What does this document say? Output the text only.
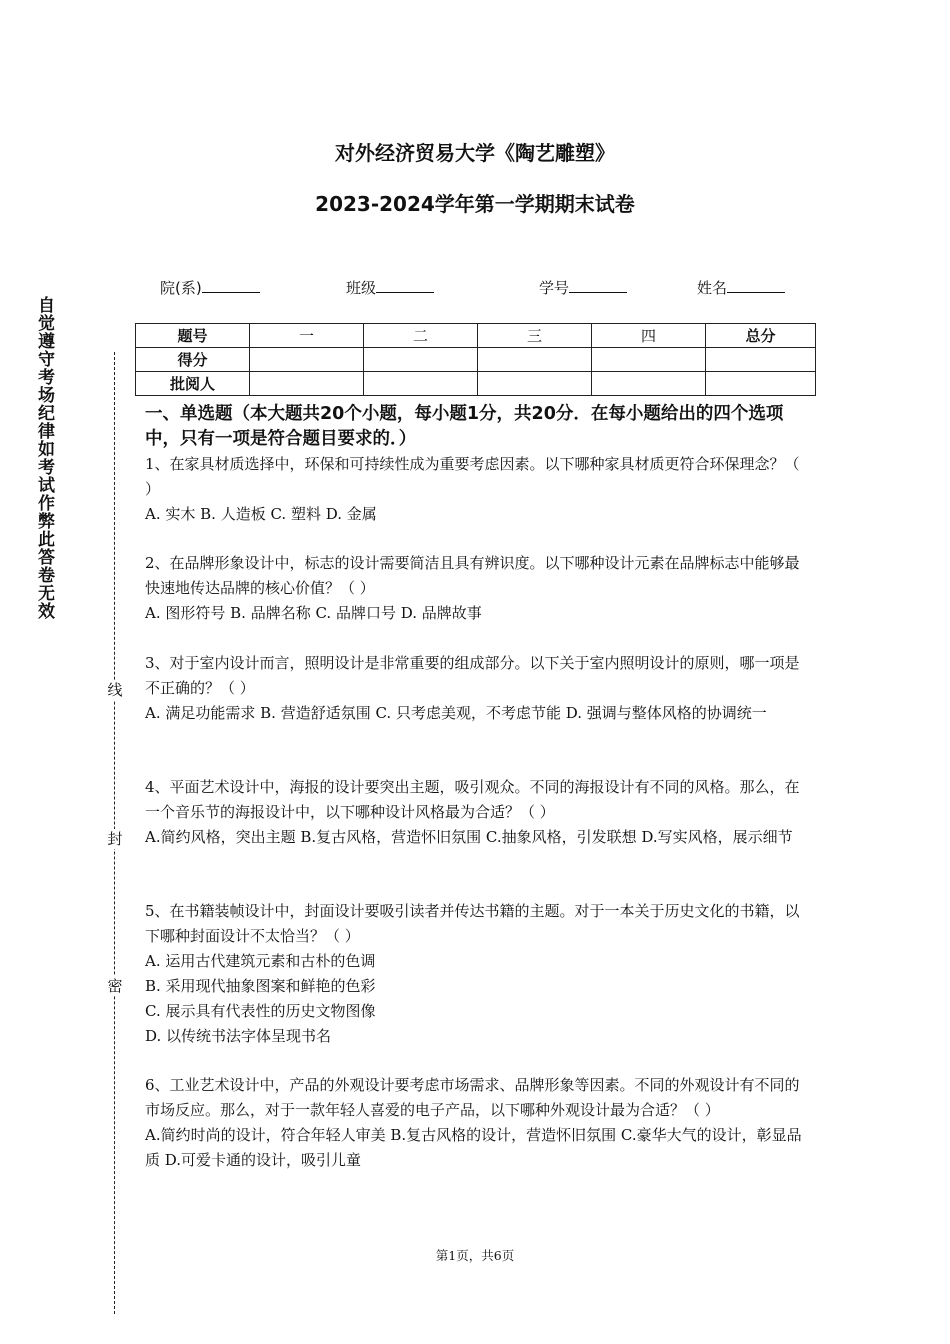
对外经济贸易大学《陶艺雕塑》
2023-2024学年第一学期期末试卷
自觉遵守考场纪律如考试作弊此答卷无效
线
封
密
院(系)	班级	学号	姓名
题号	一	二	三	四	总分
得分					
批阅人					
一、单选题（本大题共20个小题，每小题1分，共20分．在每小题给出的四个选项中，只有一项是符合题目要求的．）

1、在家具材质选择中，环保和可持续性成为重要考虑因素。以下哪种家具材质更符合环保理念？（ ）

A. 实木 B. 人造板 C. 塑料 D. 金属

2、在品牌形象设计中，标志的设计需要简洁且具有辨识度。以下哪种设计元素在品牌标志中能够最快速地传达品牌的核心价值？（ ）

A. 图形符号 B. 品牌名称 C. 品牌口号 D. 品牌故事

3、对于室内设计而言，照明设计是非常重要的组成部分。以下关于室内照明设计的原则，哪一项是不正确的？（ ）

A. 满足功能需求 B. 营造舒适氛围 C. 只考虑美观，不考虑节能 D. 强调与整体风格的协调统一

4、平面艺术设计中，海报的设计要突出主题，吸引观众。不同的海报设计有不同的风格。那么，在一个音乐节的海报设计中，以下哪种设计风格最为合适？（ ）

A.简约风格，突出主题 B.复古风格，营造怀旧氛围 C.抽象风格，引发联想 D.写实风格，展示细节

5、在书籍装帧设计中，封面设计要吸引读者并传达书籍的主题。对于一本关于历史文化的书籍，以下哪种封面设计不太恰当？（ ）

A. 运用古代建筑元素和古朴的色调

B. 采用现代抽象图案和鲜艳的色彩

C. 展示具有代表性的历史文物图像

D. 以传统书法字体呈现书名

6、工业艺术设计中，产品的外观设计要考虑市场需求、品牌形象等因素。不同的外观设计有不同的市场反应。那么，对于一款年轻人喜爱的电子产品，以下哪种外观设计最为合适？（ ）

A.简约时尚的设计，符合年轻人审美 B.复古风格的设计，营造怀旧氛围 C.豪华大气的设计，彰显品质 D.可爱卡通的设计，吸引儿童

第1页，共6页
